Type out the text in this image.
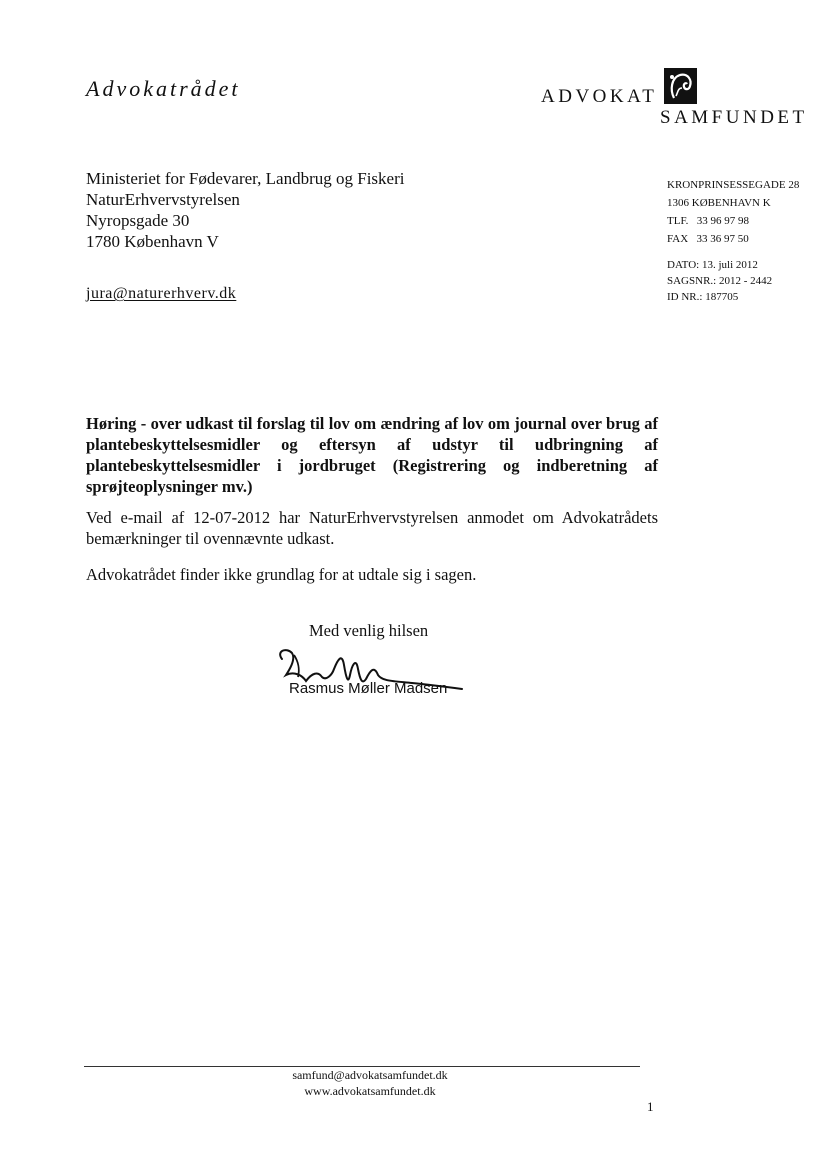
Advokatrådet	ADVOKAT
SAMFUNDET
Ministeriet for Fødevarer, Landbrug og Fiskeri
NaturErhvervstyrelsen
Nyropsgade 30
1780 København V
jura@naturerhverv.dk
KRONPRINSESSEGADE 28
1306 KØBENHAVN K
TLF. 33 96 97 98
FAX 33 36 97 50
DATO: 13. juli 2012
SAGSNR.: 2012 - 2442
ID NR.: 187705
Høring - over udkast til forslag til lov om ændring af lov om journal over brug af plantebeskyttelsesmidler og eftersyn af udstyr til udbringning af plantebeskyttelsesmidler i jordbruget (Registrering og indberetning af sprøjteoplysninger mv.)
Ved e-mail af 12-07-2012 har NaturErhvervstyrelsen anmodet om Advokatrådets bemærkninger til ovennævnte udkast.
Advokatrådet finder ikke grundlag for at udtale sig i sagen.
Med venlig hilsen
Rasmus Møller Madsen
samfund@advokatsamfundet.dk
www.advokatsamfundet.dk
1
